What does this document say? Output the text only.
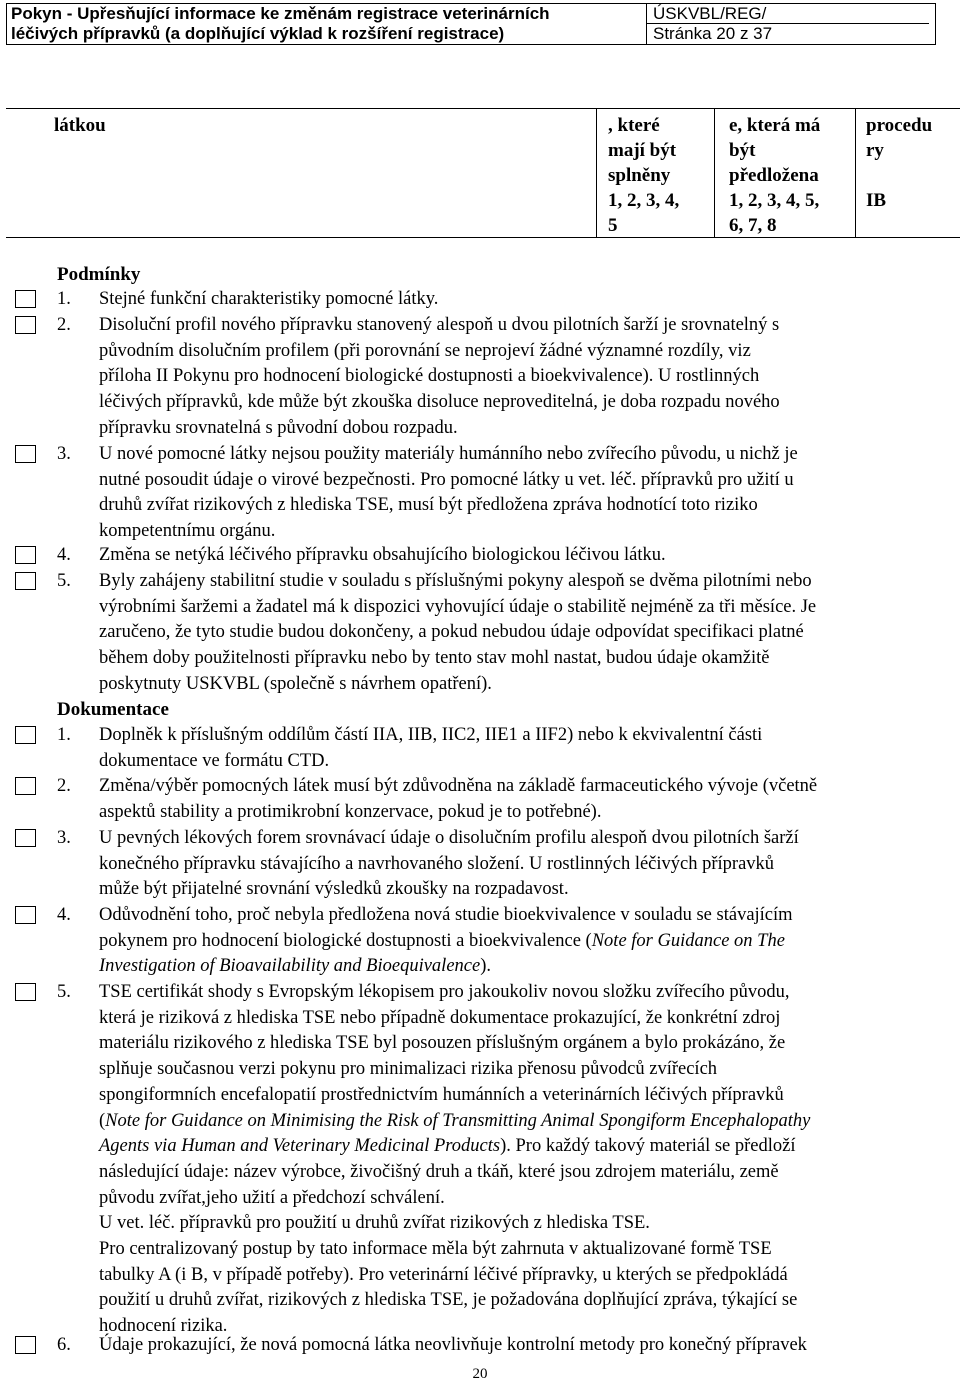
Pokyn - Upřesňující informace ke změnám registrace veterinárních
léčivých přípravků (a doplňující výklad k rozšíření registrace)
ÚSKVBL/REG/
Stránka 20 z 37
látkou	, které
mají být
splněny
1, 2, 3, 4,
5
e, která má
být
předložena
1, 2, 3, 4, 5,
6, 7, 8
procedu
ry
IB
Podmínky
1. Stejné funkční charakteristiky pomocné látky.

2. Disoluční profil nového přípravku stanovený alespoň u dvou pilotních šarží je srovnatelný s

původním disolučním profilem (při porovnání se neprojeví žádné významné rozdíly, viz

příloha II Pokynu pro hodnocení biologické dostupnosti a bioekvivalence). U rostlinných

léčivých přípravků, kde může být zkouška disoluce neproveditelná, je doba rozpadu nového

přípravku srovnatelná s původní dobou rozpadu.

3. U nové pomocné látky nejsou použity materiály humánního nebo zvířecího původu, u nichž je

nutné posoudit údaje o virové bezpečnosti. Pro pomocné látky u vet. léč. přípravků pro užití u

druhů zvířat rizikových z hlediska TSE, musí být předložena zpráva hodnotící toto riziko

kompetentnímu orgánu.

4. Změna se netýká léčivého přípravku obsahujícího biologickou léčivou látku.

5. Byly zahájeny stabilitní studie v souladu s příslušnými pokyny alespoň se dvěma pilotními nebo

výrobními šaržemi a žadatel má k dispozici vyhovující údaje o stabilitě nejméně za tři měsíce. Je

zaručeno, že tyto studie budou dokončeny, a pokud nebudou údaje odpovídat specifikaci platné

během doby použitelnosti přípravku nebo by tento stav mohl nastat, budou údaje okamžitě

poskytnuty USKVBL (společně s návrhem opatření).

Dokumentace
1. Doplněk k příslušným oddílům částí IIA, IIB, IIC2, IIE1 a IIF2) nebo k ekvivalentní části

dokumentace ve formátu CTD.

2. Změna/výběr pomocných látek musí být zdůvodněna na základě farmaceutického vývoje (včetně

aspektů stability a protimikrobní konzervace, pokud je to potřebné).

3. U pevných lékových forem srovnávací údaje o disolučním profilu alespoň dvou pilotních šarží

konečného přípravku stávajícího a navrhovaného složení. U rostlinných léčivých přípravků

může být přijatelné srovnání výsledků zkoušky na rozpadavost.

4. Odůvodnění toho, proč nebyla předložena nová studie bioekvivalence v souladu se stávajícím

pokynem pro hodnocení biologické dostupnosti a bioekvivalence (Note for Guidance on The

Investigation of Bioavailability and Bioequivalence).

5. TSE certifikát shody s Evropským lékopisem pro jakoukoliv novou složku zvířecího původu,

která je riziková z hlediska TSE nebo případně dokumentace prokazující, že konkrétní zdroj

materiálu rizikového z hlediska TSE byl posouzen příslušným orgánem a bylo prokázáno, že

splňuje současnou verzi pokynu pro minimalizaci rizika přenosu původců zvířecích

spongiformních encefalopatií prostřednictvím humánních a veterinárních léčivých přípravků

(Note for Guidance on Minimising the Risk of Transmitting Animal Spongiform Encephalopathy

Agents via Human and Veterinary Medicinal Products). Pro každý takový materiál se předloží

následující údaje: název výrobce, živočišný druh a tkáň, které jsou zdrojem materiálu, země

původu zvířat,jeho užití a předchozí schválení.

U vet. léč. přípravků pro použití u druhů zvířat rizikových z hlediska TSE.

Pro centralizovaný postup by tato informace měla být zahrnuta v aktualizované formě TSE

tabulky A (i B, v případě potřeby). Pro veterinární léčivé přípravky, u kterých se předpokládá

použití u druhů zvířat, rizikových z hlediska TSE, je požadována doplňující zpráva, týkající se

hodnocení rizika.

6. Údaje prokazující, že nová pomocná látka neovlivňuje kontrolní metody pro konečný přípravek

20
